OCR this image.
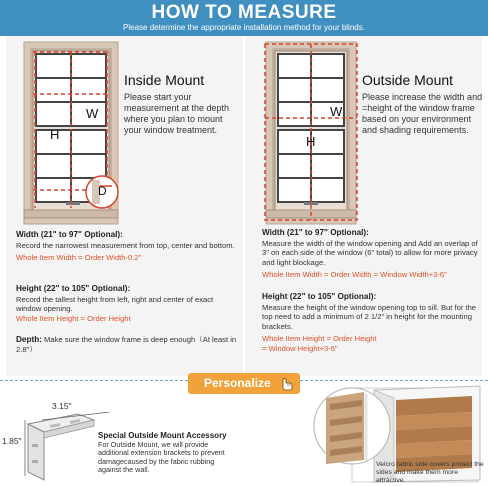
HOW TO MEASURE
Please determine the appropriate installation method for your blinds.
W
H
D
Inside Mount
Please start your measurement at the depth where you plan to mount your window treatment.
Width (21" to 97" Optional):
Record the narrowest measurement from top, center and bottom.
Whole Item Width = Order Width-0.2"
Height (22" to 105" Optional):
Record the tallest height from left, right and center of exact window opening.
Whole Item Height = Order Height
Depth: Make sure the window frame is deep enough（At least in 2.8"）
W
H
Outside Mount
Please increase the width and =height of the window frame based on your environment and shading requirements.
Width (21" to 97" Optional):
Measure the width of the window opening and Add an overlap of 3" on each side of the window (6" total) to allow for more privacy and light blockage.
Whole Item Width = Order Width = Window Width+3-6"
Height (22" to 105" Optional):
Measure the height of the window opening top to sill. But for the top need to add a minimum of 2 1/2" in height for the mounting brackets.
Whole Item Height = Order Height
= Window Height+3-6"
Personalize
3.15"
1.85"
Special Outside Mount Accessory
For Outside Mount, we will provide additional extension brackets to prevent damagecaused by the fabric rubbing against the wall.
Velcro fabric side covers protect the sides and make them more attractive.
